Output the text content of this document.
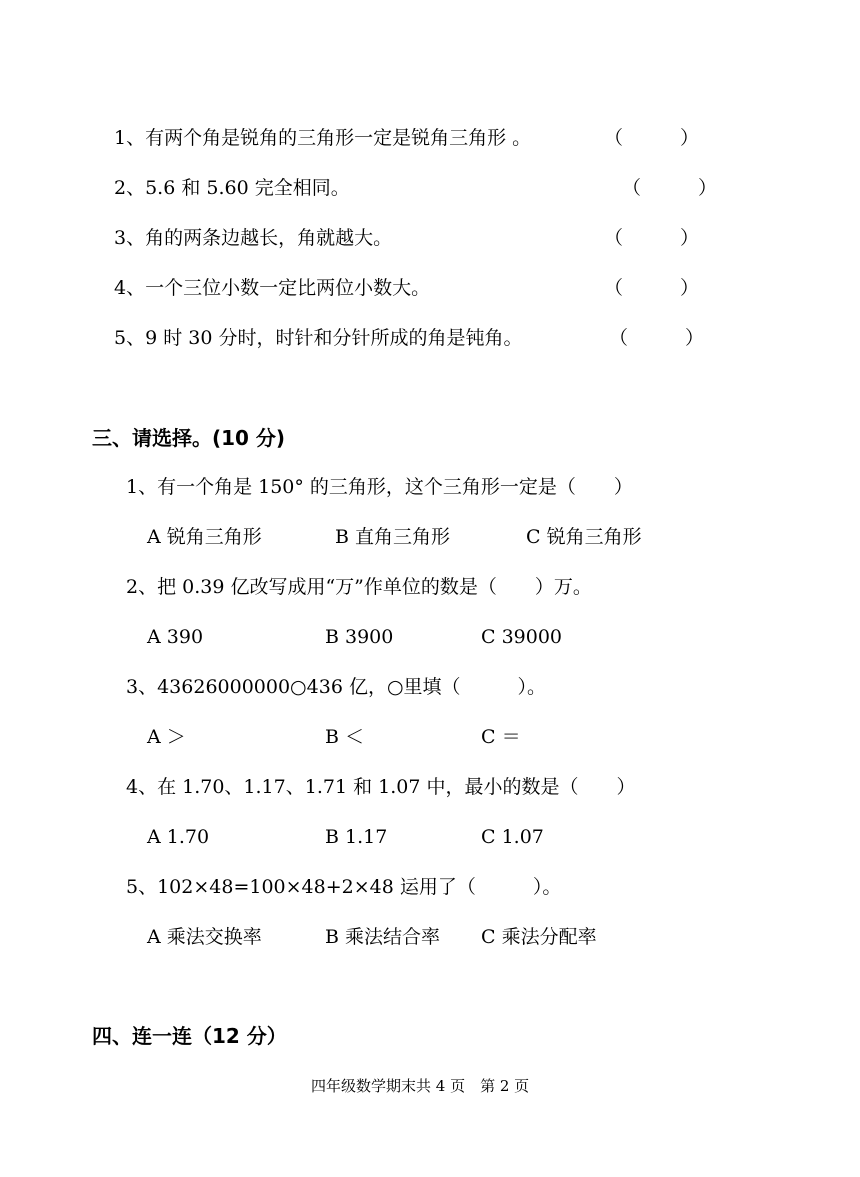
1、有两个角是锐角的三角形一定是锐角三角形 。	（　　　）
2、5.6 和 5.60 完全相同。	（　　　）
3、角的两条边越长，角就越大。	（　　　）
4、一个三位小数一定比两位小数大。	（　　　）
5、9 时 30 分时，时针和分针所成的角是钝角。	（　　　）
三、请选择。(10 分)
1、有一个角是 150° 的三角形，这个三角形一定是（　　）
A 锐角三角形	B 直角三角形	C 锐角三角形
2、把 0.39 亿改写成用“万”作单位的数是（　　）万。
A 390	B 3900	C 39000
3、43626000000○436 亿，○里填（　　　）。
A ＞	B ＜	C ＝
4、在 1.70、1.17、1.71 和 1.07 中，最小的数是（　　）
A 1.70	B 1.17	C 1.07
5、102×48=100×48+2×48 运用了（　　　）。
A 乘法交换率	B 乘法结合率 C 乘法分配率
四、连一连（12 分）
四年级数学期末共 4 页　第 2 页
